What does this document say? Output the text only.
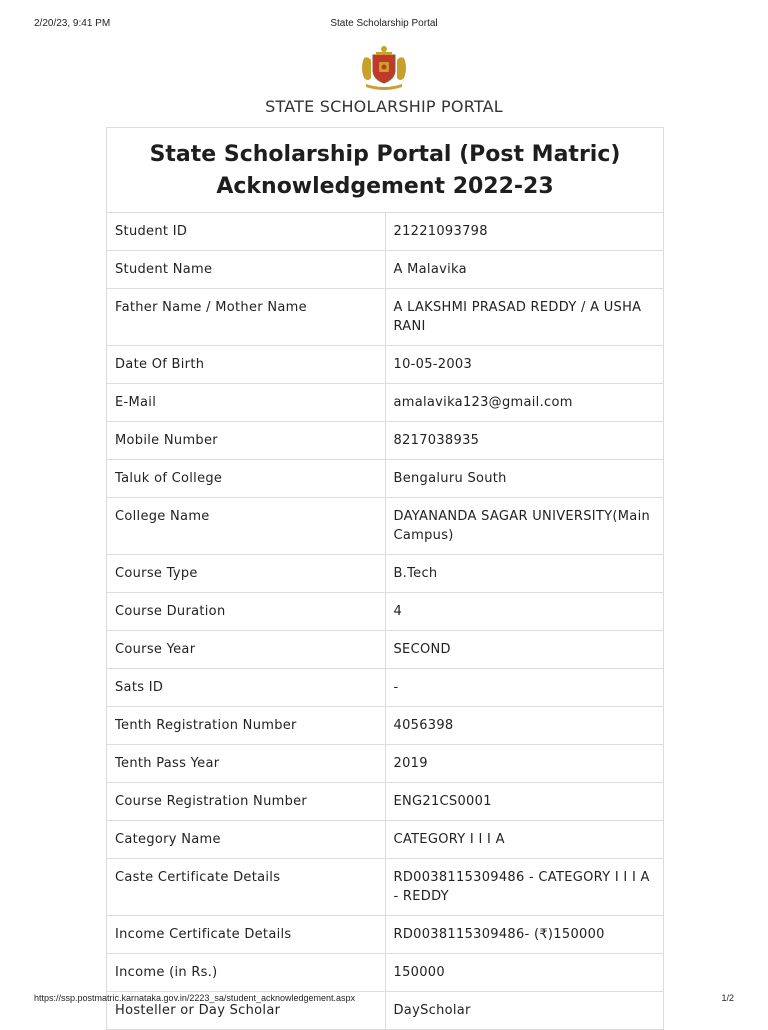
2/20/23, 9:41 PM	State Scholarship Portal
STATE SCHOLARSHIP PORTAL
State Scholarship Portal (Post Matric)
Acknowledgement 2022-23	

Student ID	21221093798
Student Name	A Malavika
Father Name / Mother Name	A LAKSHMI PRASAD REDDY / A USHA RANI
Date Of Birth	10-05-2003
E-Mail	amalavika123@gmail.com
Mobile Number	8217038935
Taluk of College	Bengaluru South
College Name	DAYANANDA SAGAR UNIVERSITY(Main Campus)
Course Type	B.Tech
Course Duration	4
Course Year	SECOND
Sats ID	-
Tenth Registration Number	4056398
Tenth Pass Year	2019
Course Registration Number	ENG21CS0001
Category Name	CATEGORY I I I A
Caste Certificate Details	RD0038115309486 - CATEGORY I I I A - REDDY
Income Certificate Details	RD0038115309486- (₹)150000
Income (in Rs.)	150000
Hosteller or Day Scholar	DayScholar
https://ssp.postmatric.karnataka.gov.in/2223_sa/student_acknowledgement.aspx	1/2
